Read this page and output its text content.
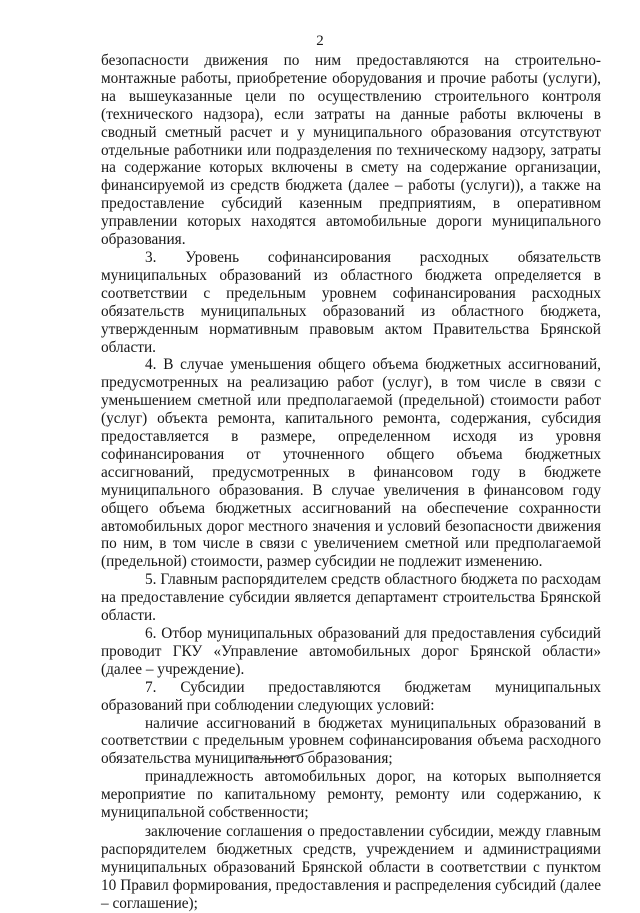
2

безопасности движения по ним предоставляются на строительно-монтажные работы, приобретение оборудования и прочие работы (услуги), на вышеуказанные цели по осуществлению строительного контроля (технического надзора), если затраты на данные работы включены в сводный сметный расчет и у муниципального образования отсутствуют отдельные работники или подразделения по техническому надзору, затраты на содержание которых включены в смету на содержание организации, финансируемой из средств бюджета (далее – работы (услуги)), а также на предоставление субсидий казенным предприятиям, в оперативном управлении которых находятся автомобильные дороги муниципального образования.

3. Уровень софинансирования расходных обязательств муниципальных образований из областного бюджета определяется в соответствии с предельным уровнем софинансирования расходных обязательств муниципальных образований из областного бюджета, утвержденным нормативным правовым актом Правительства Брянской области.

4. В случае уменьшения общего объема бюджетных ассигнований, предусмотренных на реализацию работ (услуг), в том числе в связи с уменьшением сметной или предполагаемой (предельной) стоимости работ (услуг) объекта ремонта, капитального ремонта, содержания, субсидия предоставляется в размере, определенном исходя из уровня софинансирования от уточненного общего объема бюджетных ассигнований, предусмотренных в финансовом году в бюджете муниципального образования. В случае увеличения в финансовом году общего объема бюджетных ассигнований на обеспечение сохранности автомобильных дорог местного значения и условий безопасности движения по ним, в том числе в связи с увеличением сметной или предполагаемой (предельной) стоимости, размер субсидии не подлежит изменению.

5. Главным распорядителем средств областного бюджета по расходам на предоставление субсидии является департамент строительства Брянской области.

6. Отбор муниципальных образований для предоставления субсидий проводит ГКУ «Управление автомобильных дорог Брянской области» (далее – учреждение).

7. Субсидии предоставляются бюджетам муниципальных образований при соблюдении следующих условий:

наличие ассигнований в бюджетах муниципальных образований в соответствии с предельным уровнем софинансирования объема расходного обязательства муниципального образования;

принадлежность автомобильных дорог, на которых выполняется мероприятие по капитальному ремонту, ремонту или содержанию, к муниципальной собственности;

заключение соглашения о предоставлении субсидии, между главным распорядителем бюджетных средств, учреждением и администрациями муниципальных образований Брянской области в соответствии с пунктом 10 Правил формирования, предоставления и распределения субсидий (далее – соглашение);
